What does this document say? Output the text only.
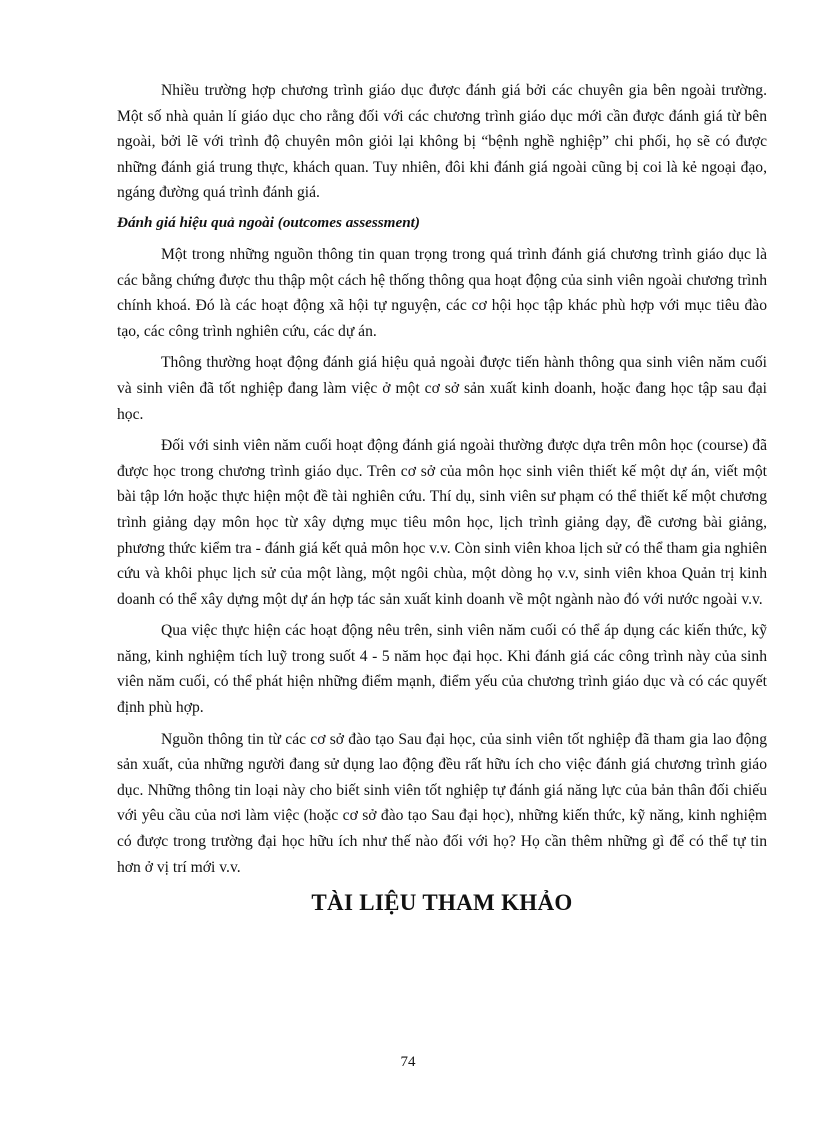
Nhiều trường hợp chương trình giáo dục được đánh giá bởi các chuyên gia bên ngoài trường. Một số nhà quản lí giáo dục cho rằng đối với các chương trình giáo dục mới cần được đánh giá từ bên ngoài, bởi lẽ với trình độ chuyên môn giỏi lại không bị “bệnh nghề nghiệp” chi phối, họ sẽ có được những đánh giá trung thực, khách quan. Tuy nhiên, đôi khi đánh giá ngoài cũng bị coi là kẻ ngoại đạo, ngáng đường quá trình đánh giá.

Đánh giá hiệu quả ngoài (outcomes assessment)

Một trong những nguồn thông tin quan trọng trong quá trình đánh giá chương trình giáo dục là các bằng chứng được thu thập một cách hệ thống thông qua hoạt động của sinh viên ngoài chương trình chính khoá. Đó là các hoạt động xã hội tự nguyện, các cơ hội học tập khác phù hợp với mục tiêu đào tạo, các công trình nghiên cứu, các dự án.

Thông thường hoạt động đánh giá hiệu quả ngoài được tiến hành thông qua sinh viên năm cuối và sinh viên đã tốt nghiệp đang làm việc ở một cơ sở sản xuất kinh doanh, hoặc đang học tập sau đại học.

Đối với sinh viên năm cuối hoạt động đánh giá ngoài thường được dựa trên môn học (course) đã được học trong chương trình giáo dục. Trên cơ sở của môn học sinh viên thiết kế một dự án, viết một bài tập lớn hoặc thực hiện một đề tài nghiên cứu. Thí dụ, sinh viên sư phạm có thể thiết kế một chương trình giảng dạy môn học từ xây dựng mục tiêu môn học, lịch trình giảng dạy, đề cương bài giảng, phương thức kiểm tra - đánh giá kết quả môn học v.v. Còn sinh viên khoa lịch sử có thể tham gia nghiên cứu và khôi phục lịch sử của một làng, một ngôi chùa, một dòng họ v.v, sinh viên khoa Quản trị kinh doanh có thể xây dựng một dự án hợp tác sản xuất kinh doanh về một ngành nào đó với nước ngoài v.v.

Qua việc thực hiện các hoạt động nêu trên, sinh viên năm cuối có thể áp dụng các kiến thức, kỹ năng, kinh nghiệm tích luỹ trong suốt 4 - 5 năm học đại học. Khi đánh giá các công trình này của sinh viên năm cuối, có thể phát hiện những điểm mạnh, điểm yếu của chương trình giáo dục và có các quyết định phù hợp.

Nguồn thông tin từ các cơ sở đào tạo Sau đại học, của sinh viên tốt nghiệp đã tham gia lao động sản xuất, của những người đang sử dụng lao động đều rất hữu ích cho việc đánh giá chương trình giáo dục. Những thông tin loại này cho biết sinh viên tốt nghiệp tự đánh giá năng lực của bản thân đối chiếu với yêu cầu của nơi làm việc (hoặc cơ sở đào tạo Sau đại học), những kiến thức, kỹ năng, kinh nghiệm có được trong trường đại học hữu ích như thế nào đối với họ? Họ cần thêm những gì để có thể tự tin hơn ở vị trí mới v.v.

TÀI LIỆU THAM KHẢO
74
